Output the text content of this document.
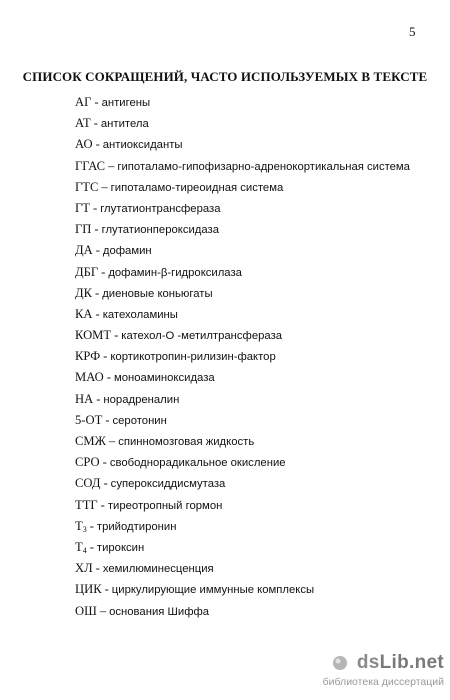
5
СПИСОК СОКРАЩЕНИЙ, ЧАСТО ИСПОЛЬЗУЕМЫХ В ТЕКСТЕ
АГ - антигены
АТ - антитела
АО - антиоксиданты
ГГАС – гипоталамо-гипофизарно-адренокортикальная система
ГТС – гипоталамо-тиреоидная система
ГТ - глутатионтрансфераза
ГП - глутатионпероксидаза
ДА - дофамин
ДБГ - дофамин-β-гидроксилаза
ДК - диеновые коньюгаты
КА - катехоламины
КОМТ - катехол-О -метилтрансфераза
КРФ - кортикотропин-рилизин-фактор
МАО - моноаминоксидаза
НА - норадреналин
5-ОТ - серотонин
СМЖ – спинномозговая жидкость
СРО - свободнорадикальное окисление
СОД - супероксиддисмутаза
ТТГ - тиреотропный гормон
$Т_3$ - трийодтиронин
$Т_4$ - тироксин
ХЛ - хемилюминесценция
ЦИК - циркулирующие иммунные комплексы
ОШ – основания Шиффа
dsLib.net
библиотека диссертаций
